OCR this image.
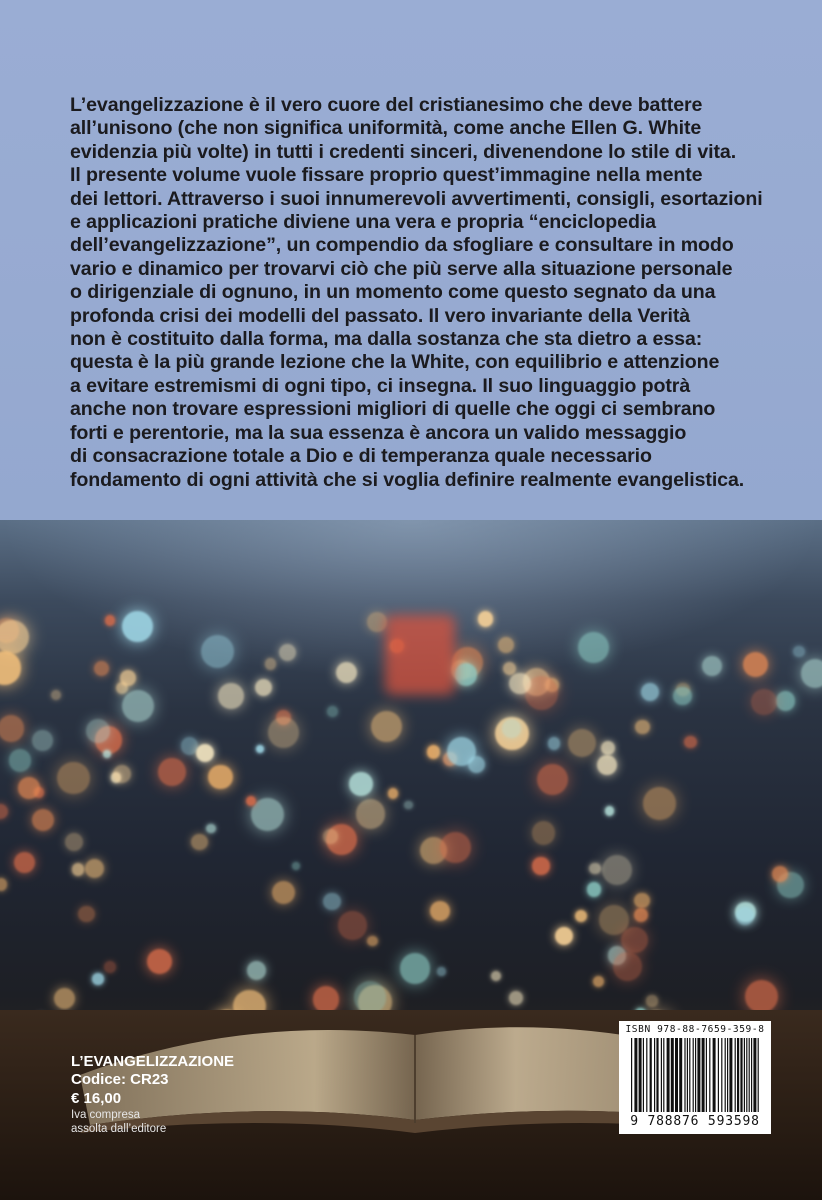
L’evangelizzazione è il vero cuore del cristianesimo che deve battere
all’unisono (che non significa uniformità, come anche Ellen G. White
evidenzia più volte) in tutti i credenti sinceri, divenendone lo stile di vita.
Il presente volume vuole fissare proprio quest’immagine nella mente
dei lettori. Attraverso i suoi innumerevoli avvertimenti, consigli, esortazioni
e applicazioni pratiche diviene una vera e propria “enciclopedia
dell’evangelizzazione”, un compendio da sfogliare e consultare in modo
vario e dinamico per trovarvi ciò che più serve alla situazione personale
o dirigenziale di ognuno, in un momento come questo segnato da una
profonda crisi dei modelli del passato. Il vero invariante della Verità
non è costituito dalla forma, ma dalla sostanza che sta dietro a essa:
questa è la più grande lezione che la White, con equilibrio e attenzione
a evitare estremismi di ogni tipo, ci insegna. Il suo linguaggio potrà
anche non trovare espressioni migliori di quelle che oggi ci sembrano
forti e perentorie, ma la sua essenza è ancora un valido messaggio
di consacrazione totale a Dio e di temperanza quale necessario
fondamento di ogni attività che si voglia definire realmente evangelistica.
L’EVANGELIZZAZIONE
Codice: CR23
€ 16,00
Iva compresa
assolta dall’editore
ISBN 978-88-7659-359-8
9 788876 593598
